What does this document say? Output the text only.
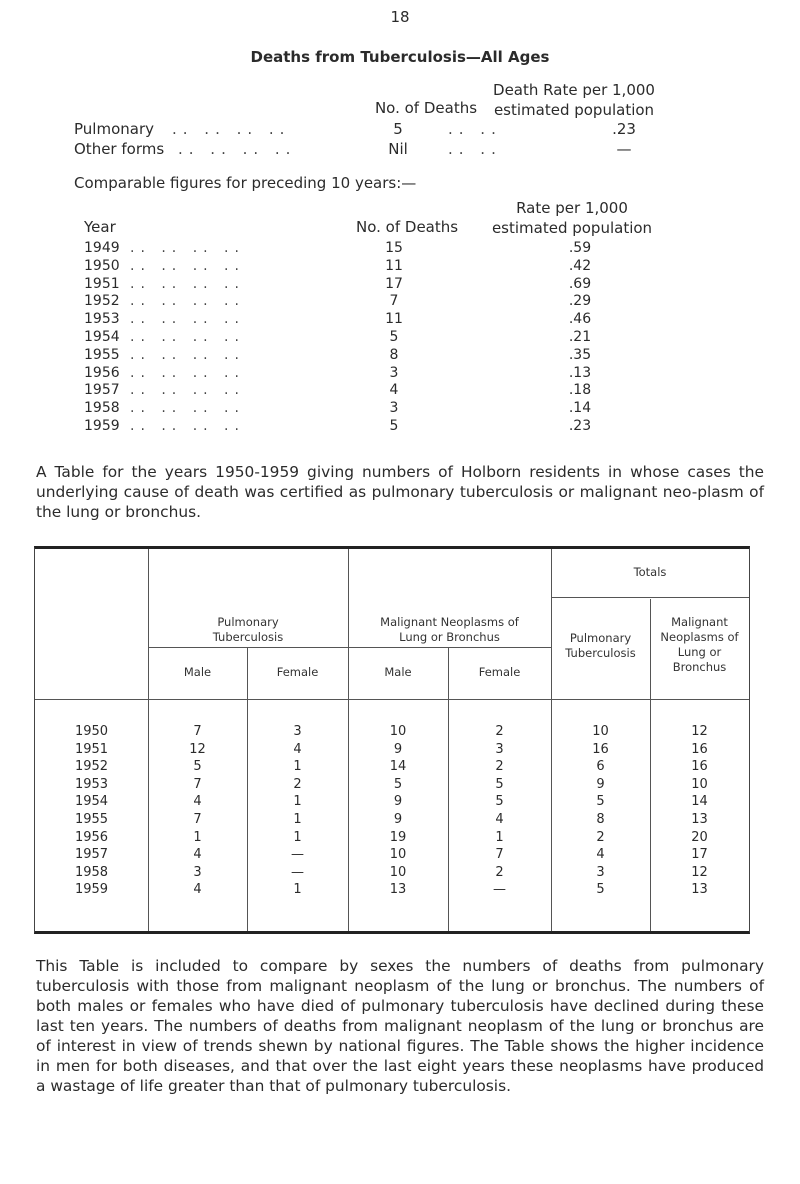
18
Deaths from Tuberculosis—All Ages
Death Rate per 1,000
estimated population
No. of Deaths
Pulmonary .. .. .. ..	5	.. ..	.23
Other forms .. .. .. ..	Nil	.. ..	—
Comparable figures for preceding 10 years:—
Rate per 1,000
estimated population
Year	No. of Deaths
1949 .. .. .. ..	15	.59
1950 .. .. .. ..	11	.42
1951 .. .. .. ..	17	.69
1952 .. .. .. ..	7	.29
1953 .. .. .. ..	11	.46
1954 .. .. .. ..	5	.21
1955 .. .. .. ..	8	.35
1956 .. .. .. ..	3	.13
1957 .. .. .. ..	4	.18
1958 .. .. .. ..	3	.14
1959 .. .. .. ..	5	.23
A Table for the years 1950-1959 giving numbers of Holborn residents in whose cases the underlying cause of death was certified as pulmonary tuberculosis or malignant neo-plasm of the lung or bronchus.
Pulmonary
Tuberculosis
Malignant Neoplasms of
Lung or Bronchus
Totals
Pulmonary
Tuberculosis
Malignant
Neoplasms of
Lung or
Bronchus
Male	Female	Male	Female
1950	7	3	10	2	10	12
1951	12	4	9	3	16	16
1952	5	1	14	2	6	16
1953	7	2	5	5	9	10
1954	4	1	9	5	5	14
1955	7	1	9	4	8	13
1956	1	1	19	1	2	20
1957	4	—	10	7	4	17
1958	3	—	10	2	3	12
1959	4	1	13	—	5	13
This Table is included to compare by sexes the numbers of deaths from pulmonary tuberculosis with those from malignant neoplasm of the lung or bronchus. The numbers of both males or females who have died of pulmonary tuberculosis have declined during these last ten years. The numbers of deaths from malignant neoplasm of the lung or bronchus are of interest in view of trends shewn by national figures. The Table shows the higher incidence in men for both diseases, and that over the last eight years these neoplasms have produced a wastage of life greater than that of pulmonary tuberculosis.
